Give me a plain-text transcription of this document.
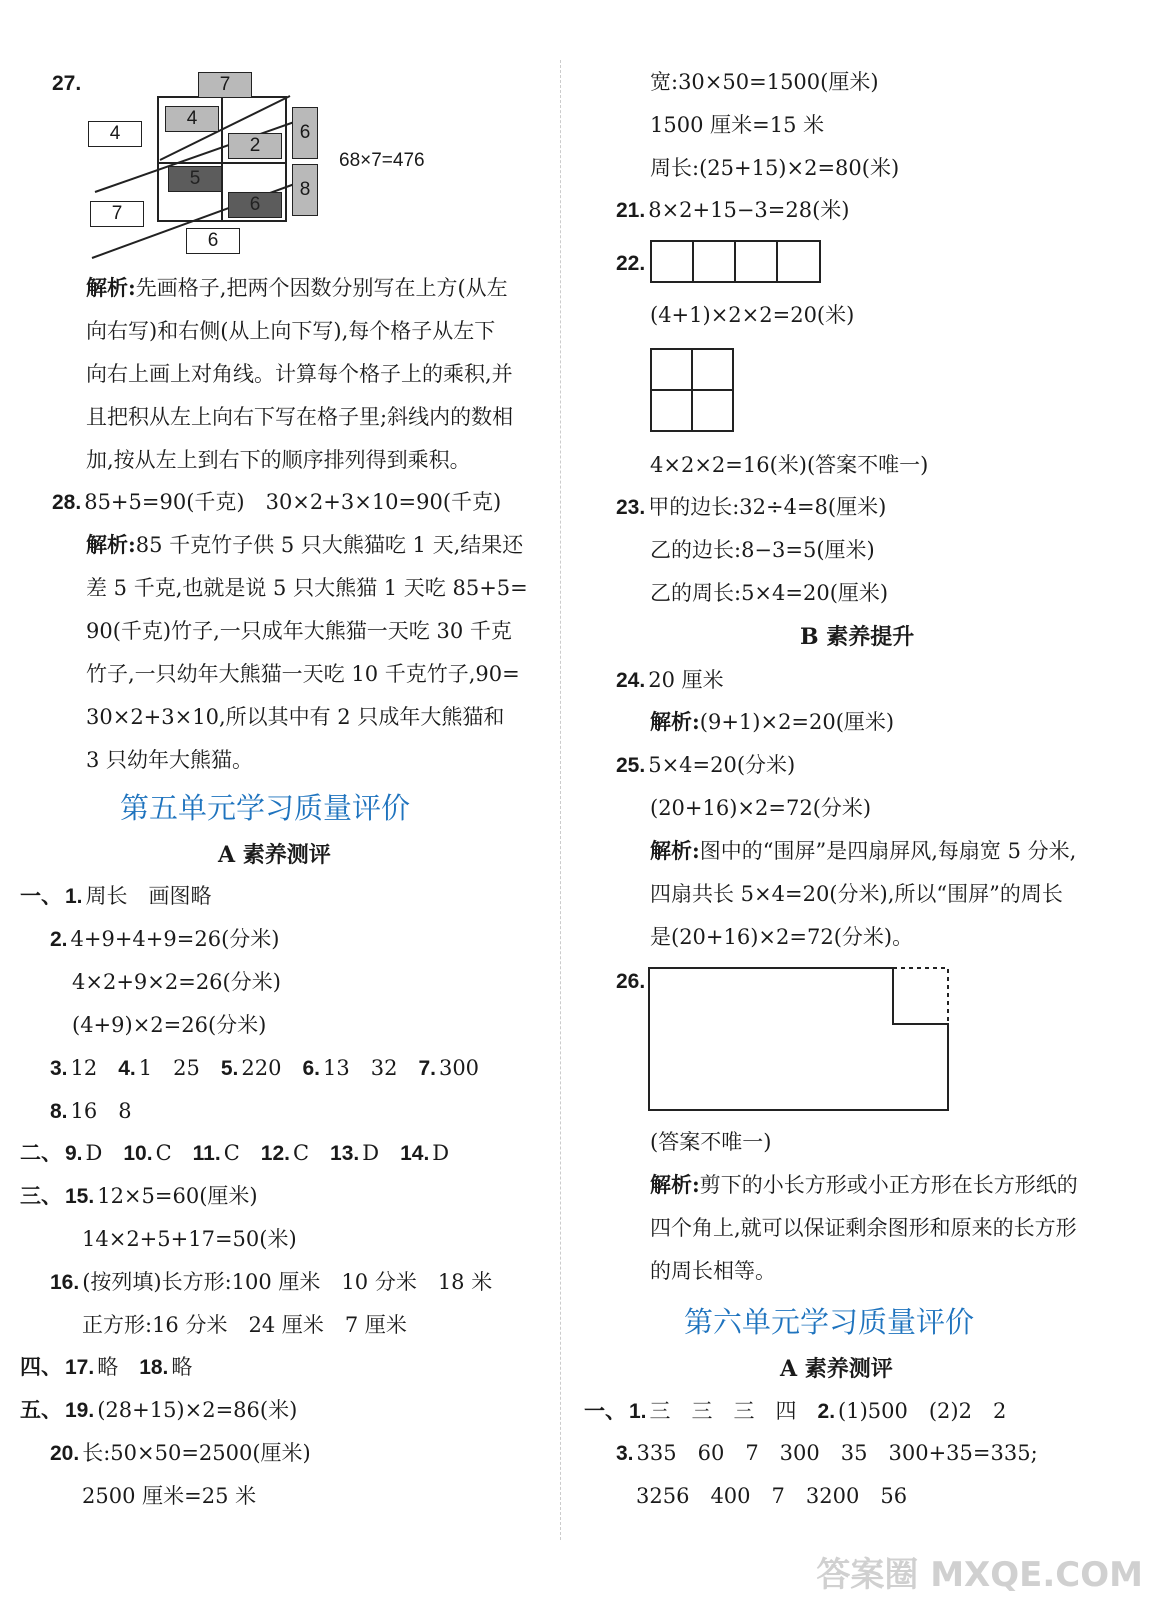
27.	7
4
2
5
6
6
8
4
7
6
68×7=476
解析:先画格子,把两个因数分别写在上方(从左
向右写)和右侧(从上向下写),每个格子从左下
向右上画上对角线。计算每个格子上的乘积,并
且把积从左上向右下写在格子里;斜线内的数相
加,按从左上到右下的顺序排列得到乘积。
28. 85+5=90(千克)　30×2+3×10=90(千克)
解析:85 千克竹子供 5 只大熊猫吃 1 天,结果还
差 5 千克,也就是说 5 只大熊猫 1 天吃 85+5=
90(千克)竹子,一只成年大熊猫一天吃 30 千克
竹子,一只幼年大熊猫一天吃 10 千克竹子,90=
30×2+3×10,所以其中有 2 只成年大熊猫和
3 只幼年大熊猫。
第五单元学习质量评价
A 素养测评
一、 1. 周长　画图略
2. 4+9+4+9=26(分米)
4×2+9×2=26(分米)
(4+9)×2=26(分米)
3. 12　 4. 1　25　 5. 220　 6. 13　32　 7. 300
8. 16　8
二、 9. D　 10. C　 11. C　 12. C　 13. D　 14. D
三、 15. 12×5=60(厘米)
14×2+5+17=50(米)
16. (按列填)长方形:100 厘米　10 分米　18 米
正方形:16 分米　24 厘米　7 厘米
四、 17. 略　 18. 略
五、 19. (28+15)×2=86(米)
20. 长:50×50=2500(厘米)
2500 厘米=25 米
宽:30×50=1500(厘米)
1500 厘米=15 米
周长:(25+15)×2=80(米)
21. 8×2+15−3=28(米)
22.
(4+1)×2×2=20(米)
4×2×2=16(米)(答案不唯一)
23. 甲的边长:32÷4=8(厘米)
乙的边长:8−3=5(厘米)
乙的周长:5×4=20(厘米)
B 素养提升
24. 20 厘米
解析:(9+1)×2=20(厘米)
25. 5×4=20(分米)
(20+16)×2=72(分米)
解析:图中的“围屏”是四扇屏风,每扇宽 5 分米,
四扇共长 5×4=20(分米),所以“围屏”的周长
是(20+16)×2=72(分米)。
26.
(答案不唯一)
解析:剪下的小长方形或小正方形在长方形纸的
四个角上,就可以保证剩余图形和原来的长方形
的周长相等。
第六单元学习质量评价
A 素养测评
一、 1. 三　三　三　四　 2. (1)500　(2)2　2
3. 335　60　7　300　35　300+35=335;
3256　400　7　3200　56
答案圈 MXQE.COM
